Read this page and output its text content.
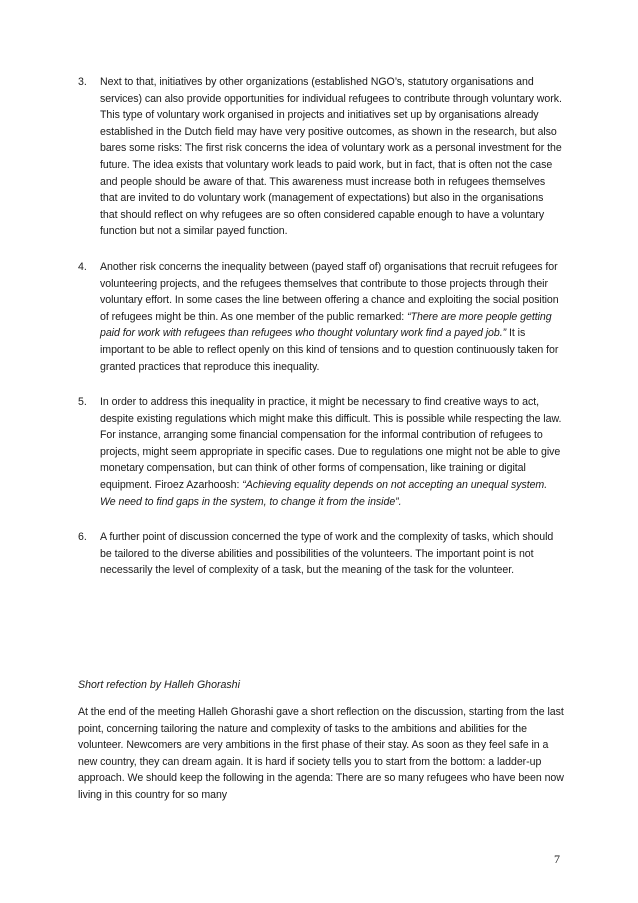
3.	Next to that, initiatives by other organizations (established NGO’s, statutory organisations and services) can also provide opportunities for individual refugees to contribute through voluntary work. This type of voluntary work organised in projects and initiatives set up by organisations already established in the Dutch field may have very positive outcomes, as shown in the research, but also bares some risks: The first risk concerns the idea of voluntary work as a personal investment for the future. The idea exists that voluntary work leads to paid work, but in fact, that is often not the case and people should be aware of that. This awareness must increase both in refugees themselves that are invited to do voluntary work (management of expectations) but also in the organisations that should reflect on why refugees are so often considered capable enough to have a voluntary function but not a similar payed function.

4.	Another risk concerns the inequality between (payed staff of) organisations that recruit refugees for volunteering projects, and the refugees themselves that contribute to those projects through their voluntary effort. In some cases the line between offering a chance and exploiting the social position of refugees might be thin. As one member of the public remarked: “There are more people getting paid for work with refugees than refugees who thought voluntary work find a payed job.” It is important to be able to reflect openly on this kind of tensions and to question continuously taken for granted practices that reproduce this inequality.

5.	In order to address this inequality in practice, it might be necessary to find creative ways to act, despite existing regulations which might make this difficult. This is possible while respecting the law. For instance, arranging some financial compensation for the informal contribution of refugees to projects, might seem appropriate in specific cases. Due to regulations one might not be able to give monetary compensation, but can think of other forms of compensation, like training or digital equipment. Firoez Azarhoosh: “Achieving equality depends on not accepting an unequal system. We need to find gaps in the system, to change it from the inside”.

6.	A further point of discussion concerned the type of work and the complexity of tasks, which should be tailored to the diverse abilities and possibilities of the volunteers. The important point is not necessarily the level of complexity of a task, but the meaning of the task for the volunteer.

Short refection by Halleh Ghorashi

At the end of the meeting Halleh Ghorashi gave a short reflection on the discussion, starting from the last point, concerning tailoring the nature and complexity of tasks to the ambitions and abilities for the volunteer. Newcomers are very ambitions in the first phase of their stay. As soon as they feel safe in a new country, they can dream again. It is hard if society tells you to start from the bottom: a ladder-up approach. We should keep the following in the agenda: There are so many refugees who have been now living in this country for so many

7
